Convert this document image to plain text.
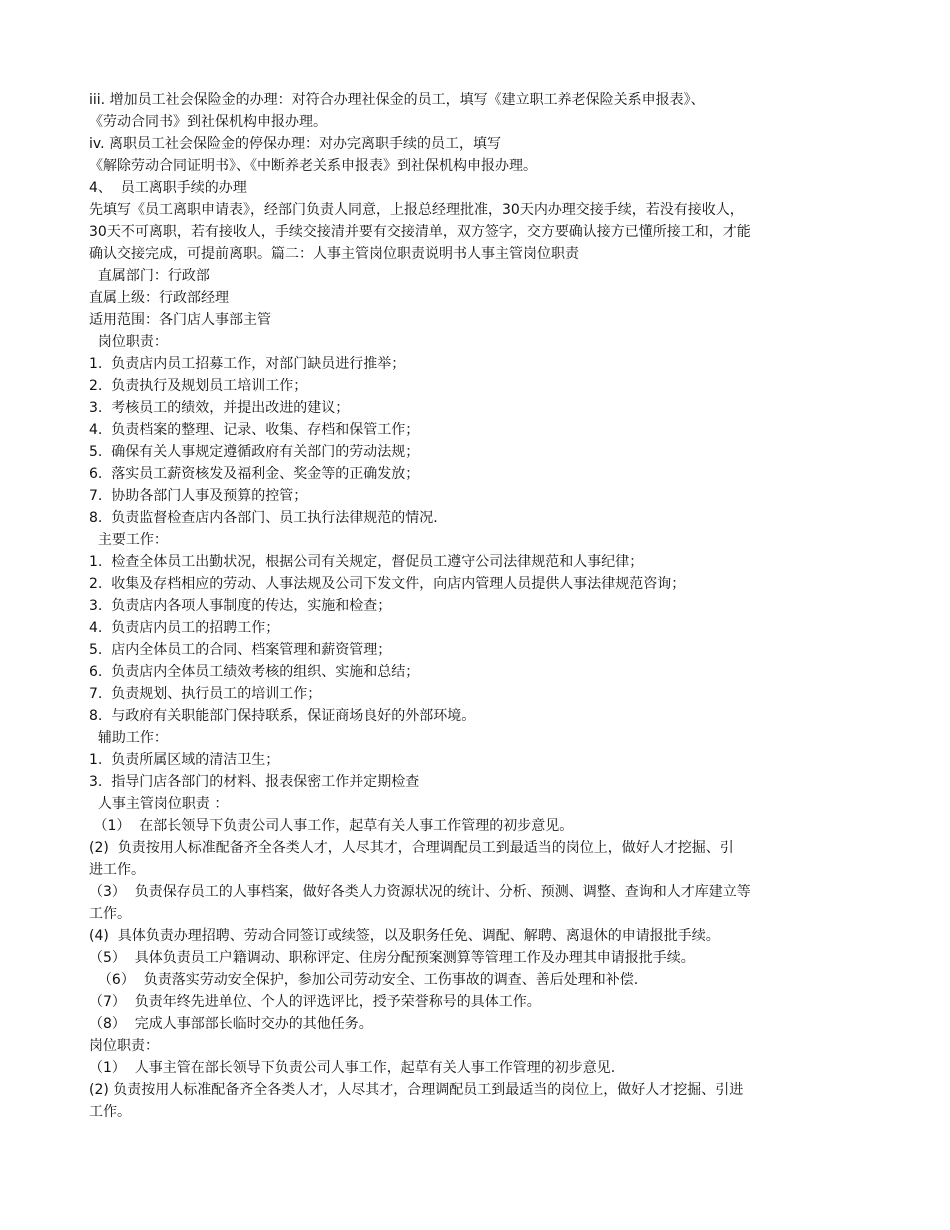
iii. 增加员工社会保险金的办理：对符合办理社保金的员工，填写《建立职工养老保险关系申报表》、

《劳动合同书》到社保机构申报办理。

iv. 离职员工社会保险金的停保办理：对办完离职手续的员工，填写

《解除劳动合同证明书》、《中断养老关系申报表》到社保机构申报办理。

4、  员工离职手续的办理

先填写《员工离职申请表》，经部门负责人同意，上报总经理批准，30天内办理交接手续，若没有接收人，

30天不可离职，若有接收人，手续交接清并要有交接清单，双方签字，交方要确认接方已懂所接工和，才能

确认交接完成，可提前离职。篇二：人事主管岗位职责说明书人事主管岗位职责

直属部门：行政部

直属上级：行政部经理

适用范围：各门店人事部主管

岗位职责：

1.  负责店内员工招募工作，对部门缺员进行推举；

2.  负责执行及规划员工培训工作；

3.  考核员工的绩效，并提出改进的建议；

4.  负责档案的整理、记录、收集、存档和保管工作；

5.  确保有关人事规定遵循政府有关部门的劳动法规；

6.  落实员工薪资核发及福利金、奖金等的正确发放；

7.  协助各部门人事及预算的控管；

8.  负责监督检查店内各部门、员工执行法律规范的情况.

主要工作：

1.  检查全体员工出勤状况，根据公司有关规定，督促员工遵守公司法律规范和人事纪律；

2.  收集及存档相应的劳动、人事法规及公司下发文件，向店内管理人员提供人事法律规范咨询；

3.  负责店内各项人事制度的传达，实施和检查；

4.  负责店内员工的招聘工作；

5.  店内全体员工的合同、档案管理和薪资管理；

6.  负责店内全体员工绩效考核的组织、实施和总结；

7.  负责规划、执行员工的培训工作；

8.  与政府有关职能部门保持联系，保证商场良好的外部环境。

辅助工作：

1.  负责所属区域的清洁卫生；

3.  指导门店各部门的材料、报表保密工作并定期检查

人事主管岗位职责 ：

（1）  在部长领导下负责公司人事工作，起草有关人事工作管理的初步意见。

(2)  负责按用人标准配备齐全各类人才，人尽其才，合理调配员工到最适当的岗位上，做好人才挖掘、引

进工作。

（3）  负责保存员工的人事档案，做好各类人力资源状况的统计、分析、预测、调整、查询和人才库建立等

工作。

(4)  具体负责办理招聘、劳动合同签订或续签，以及职务任免、调配、解聘、离退休的申请报批手续。

（5）  具体负责员工户籍调动、职称评定、住房分配预案测算等管理工作及办理其申请报批手续。

（6）  负责落实劳动安全保护，参加公司劳动安全、工伤事故的调查、善后处理和补偿.

（7）  负责年终先进单位、个人的评选评比，授予荣誉称号的具体工作。

（8）  完成人事部部长临时交办的其他任务。

岗位职责：

（1）  人事主管在部长领导下负责公司人事工作，起草有关人事工作管理的初步意见.

(2) 负责按用人标准配备齐全各类人才，人尽其才，合理调配员工到最适当的岗位上，做好人才挖掘、引进

工作。
